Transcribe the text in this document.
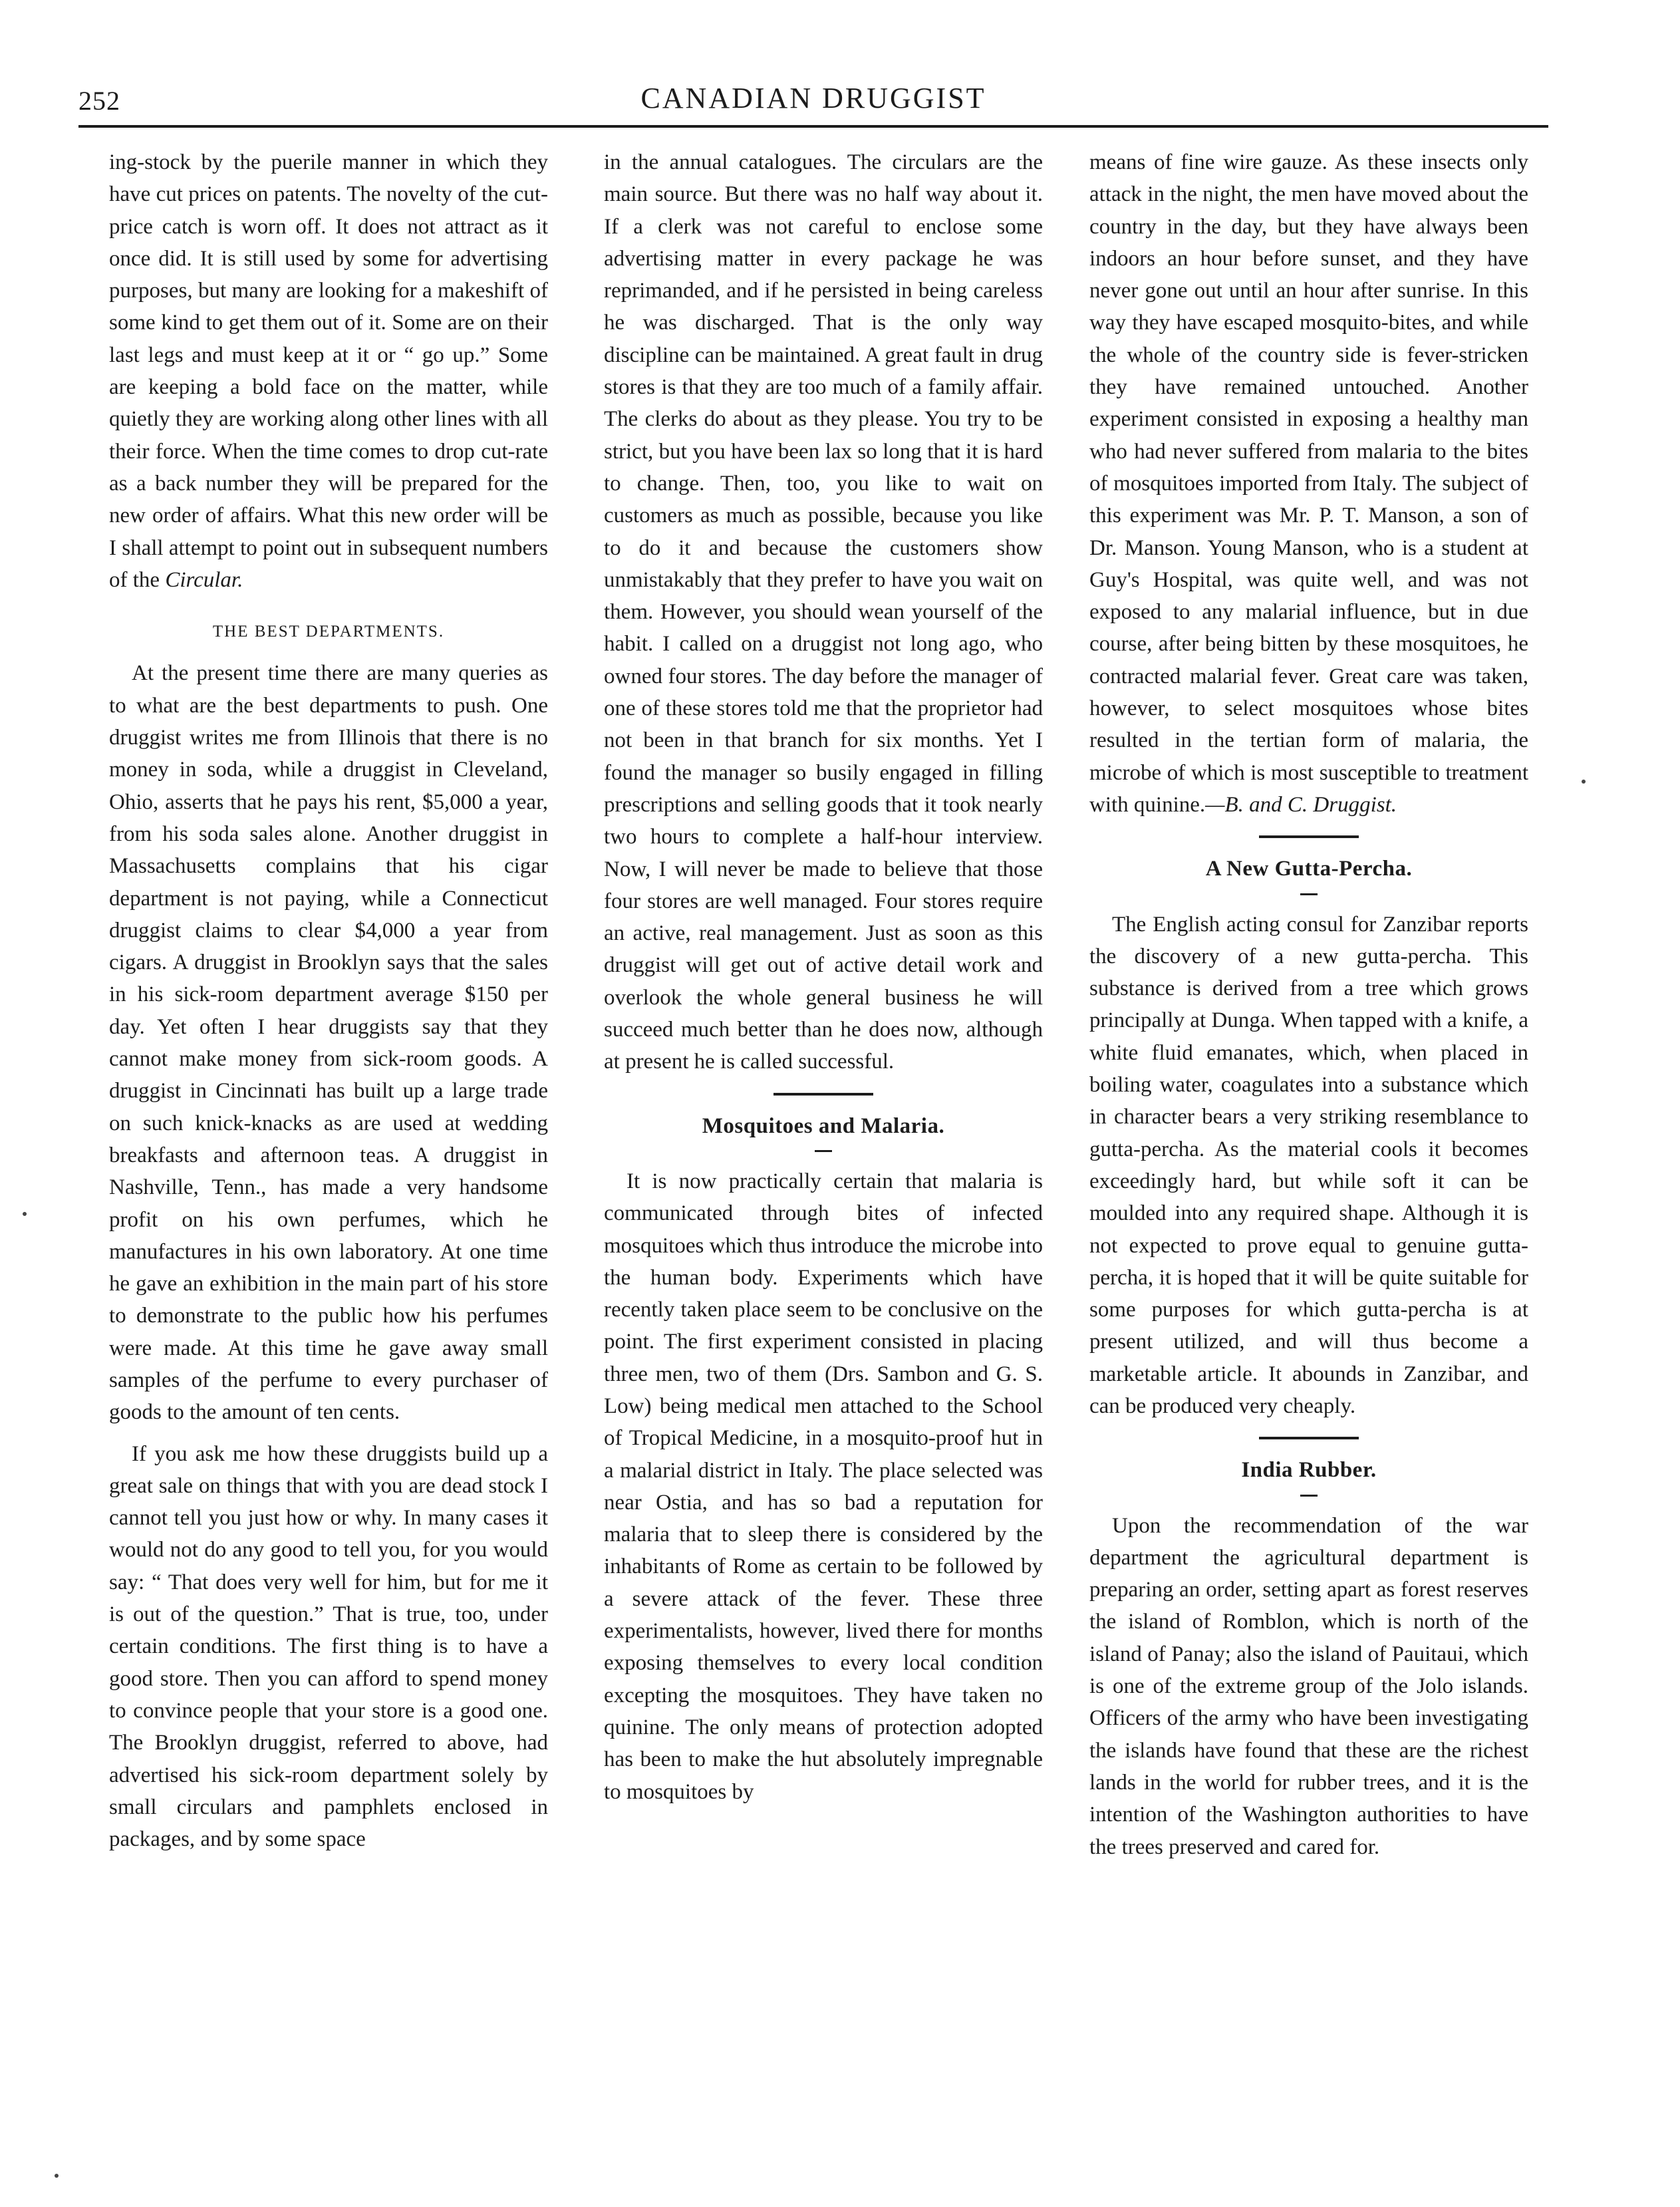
252	CANADIAN DRUGGIST

ing-stock by the puerile manner in which they have cut prices on patents. The novelty of the cut-price catch is worn off. It does not attract as it once did. It is still used by some for advertising purposes, but many are looking for a makeshift of some kind to get them out of it. Some are on their last legs and must keep at it or “ go up.” Some are keeping a bold face on the matter, while quietly they are working along other lines with all their force. When the time comes to drop cut-rate as a back number they will be prepared for the new order of affairs. What this new order will be I shall attempt to point out in subsequent numbers of the Circular.

THE BEST DEPARTMENTS.

At the present time there are many queries as to what are the best departments to push. One druggist writes me from Illinois that there is no money in soda, while a druggist in Cleveland, Ohio, asserts that he pays his rent, $5,000 a year, from his soda sales alone. Another druggist in Massachusetts complains that his cigar department is not paying, while a Connecticut druggist claims to clear $4,000 a year from cigars. A druggist in Brooklyn says that the sales in his sick-room department average $150 per day. Yet often I hear druggists say that they cannot make money from sick-room goods. A druggist in Cincinnati has built up a large trade on such knick-knacks as are used at wedding breakfasts and afternoon teas. A druggist in Nashville, Tenn., has made a very handsome profit on his own perfumes, which he manufactures in his own laboratory. At one time he gave an exhibition in the main part of his store to demonstrate to the public how his perfumes were made. At this time he gave away small samples of the perfume to every purchaser of goods to the amount of ten cents.

If you ask me how these druggists build up a great sale on things that with you are dead stock I cannot tell you just how or why. In many cases it would not do any good to tell you, for you would say: “ That does very well for him, but for me it is out of the question.” That is true, too, under certain conditions. The first thing is to have a good store. Then you can afford to spend money to convince people that your store is a good one. The Brooklyn druggist, referred to above, had advertised his sick-room department solely by small circulars and pamphlets enclosed in packages, and by some space

in the annual catalogues. The circulars are the main source. But there was no half way about it. If a clerk was not careful to enclose some advertising matter in every package he was reprimanded, and if he persisted in being careless he was discharged. That is the only way discipline can be maintained. A great fault in drug stores is that they are too much of a family affair. The clerks do about as they please. You try to be strict, but you have been lax so long that it is hard to change. Then, too, you like to wait on customers as much as possible, because you like to do it and because the customers show unmistakably that they prefer to have you wait on them. However, you should wean yourself of the habit. I called on a druggist not long ago, who owned four stores. The day before the manager of one of these stores told me that the proprietor had not been in that branch for six months. Yet I found the manager so busily engaged in filling prescriptions and selling goods that it took nearly two hours to complete a half-hour interview. Now, I will never be made to believe that those four stores are well managed. Four stores require an active, real management. Just as soon as this druggist will get out of active detail work and overlook the whole general business he will succeed much better than he does now, although at present he is called successful.

Mosquitoes and Malaria.

It is now practically certain that malaria is communicated through bites of infected mosquitoes which thus introduce the microbe into the human body. Experiments which have recently taken place seem to be conclusive on the point. The first experiment consisted in placing three men, two of them (Drs. Sambon and G. S. Low) being medical men attached to the School of Tropical Medicine, in a mosquito-proof hut in a malarial district in Italy. The place selected was near Ostia, and has so bad a reputation for malaria that to sleep there is considered by the inhabitants of Rome as certain to be followed by a severe attack of the fever. These three experimentalists, however, lived there for months exposing themselves to every local condition excepting the mosquitoes. They have taken no quinine. The only means of protection adopted has been to make the hut absolutely impregnable to mosquitoes by

means of fine wire gauze. As these insects only attack in the night, the men have moved about the country in the day, but they have always been indoors an hour before sunset, and they have never gone out until an hour after sunrise. In this way they have escaped mosquito-bites, and while the whole of the country side is fever-stricken they have remained untouched. Another experiment consisted in exposing a healthy man who had never suffered from malaria to the bites of mosquitoes imported from Italy. The subject of this experiment was Mr. P. T. Manson, a son of Dr. Manson. Young Manson, who is a student at Guy's Hospital, was quite well, and was not exposed to any malarial influence, but in due course, after being bitten by these mosquitoes, he contracted malarial fever. Great care was taken, however, to select mosquitoes whose bites resulted in the tertian form of malaria, the microbe of which is most susceptible to treatment with quinine.—B. and C. Druggist.

A New Gutta-Percha.

The English acting consul for Zanzibar reports the discovery of a new gutta-percha. This substance is derived from a tree which grows principally at Dunga. When tapped with a knife, a white fluid emanates, which, when placed in boiling water, coagulates into a substance which in character bears a very striking resemblance to gutta-percha. As the material cools it becomes exceedingly hard, but while soft it can be moulded into any required shape. Although it is not expected to prove equal to genuine gutta-percha, it is hoped that it will be quite suitable for some purposes for which gutta-percha is at present utilized, and will thus become a marketable article. It abounds in Zanzibar, and can be produced very cheaply.

India Rubber.

Upon the recommendation of the war department the agricultural department is preparing an order, setting apart as forest reserves the island of Romblon, which is north of the island of Panay; also the island of Pauitaui, which is one of the extreme group of the Jolo islands. Officers of the army who have been investigating the islands have found that these are the richest lands in the world for rubber trees, and it is the intention of the Washington authorities to have the trees preserved and cared for.
